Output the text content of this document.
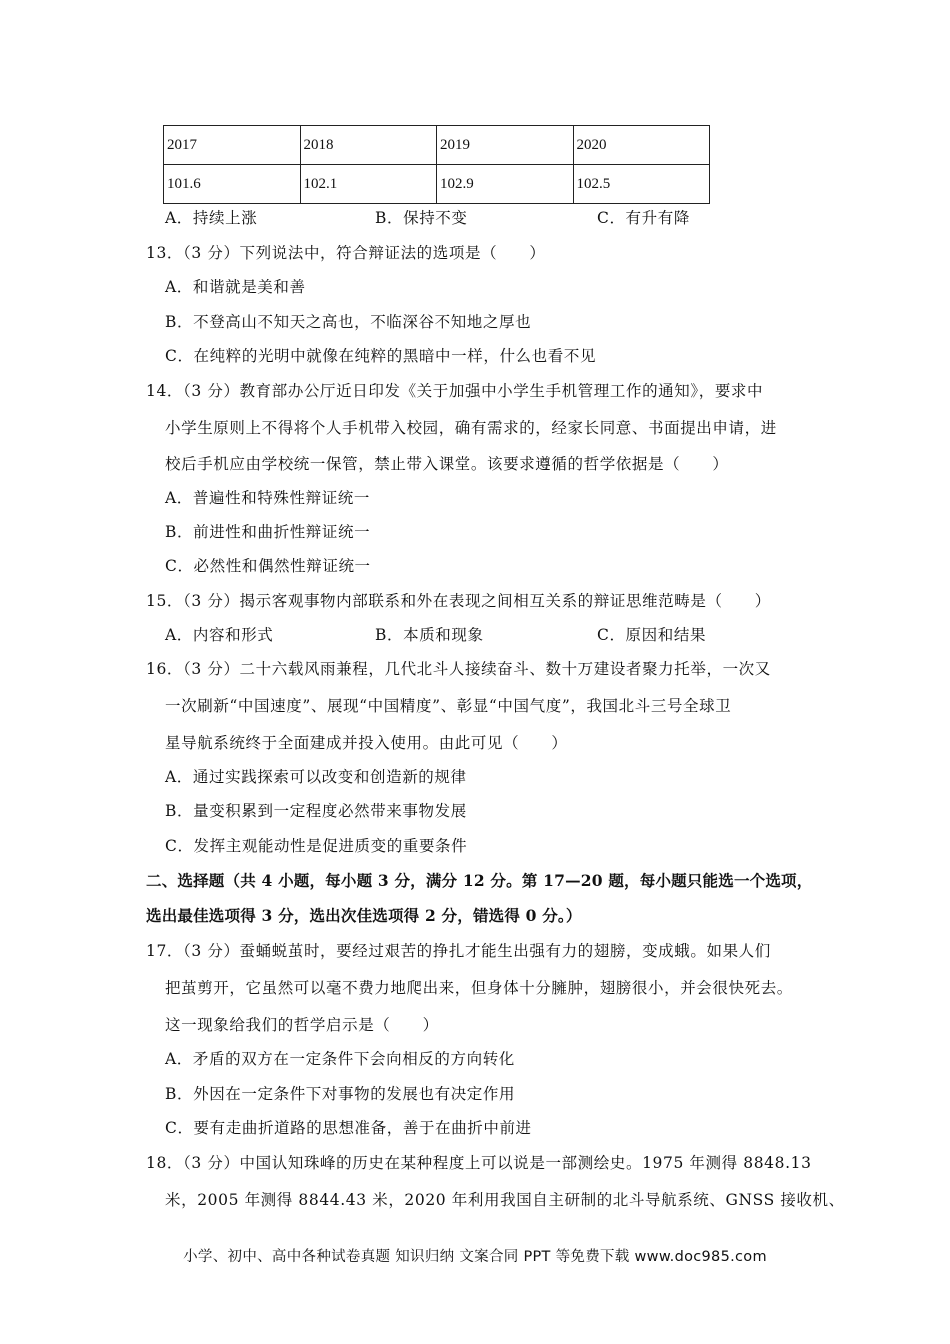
2017	2018	2019	2020
101.6	102.1	102.9	102.5
A．持续上涨	B．保持不变	C．有升有降
13．（3 分）下列说法中，符合辩证法的选项是（　　）
A．和谐就是美和善
B．不登高山不知天之高也，不临深谷不知地之厚也
C．在纯粹的光明中就像在纯粹的黑暗中一样，什么也看不见
14．（3 分）教育部办公厅近日印发《关于加强中小学生手机管理工作的通知》，要求中
小学生原则上不得将个人手机带入校园，确有需求的，经家长同意、书面提出申请，进
校后手机应由学校统一保管，禁止带入课堂。该要求遵循的哲学依据是（　　）
A．普遍性和特殊性辩证统一
B．前进性和曲折性辩证统一
C．必然性和偶然性辩证统一
15．（3 分）揭示客观事物内部联系和外在表现之间相互关系的辩证思维范畴是（　　）
A．内容和形式	B．本质和现象	C．原因和结果
16．（3 分）二十六载风雨兼程，几代北斗人接续奋斗、数十万建设者聚力托举，一次又
一次刷新“中国速度”、展现“中国精度”、彰显“中国气度”，我国北斗三号全球卫
星导航系统终于全面建成并投入使用。由此可见（　　）
A．通过实践探索可以改变和创造新的规律
B．量变积累到一定程度必然带来事物发展
C．发挥主观能动性是促进质变的重要条件
二、选择题（共 4 小题，每小题 3 分，满分 12 分。第 17—20 题，每小题只能选一个选项，
选出最佳选项得 3 分，选出次佳选项得 2 分，错选得 0 分。）
17．（3 分）蚕蛹蜕茧时，要经过艰苦的挣扎才能生出强有力的翅膀，变成蛾。如果人们
把茧剪开，它虽然可以毫不费力地爬出来，但身体十分臃肿，翅膀很小，并会很快死去。
这一现象给我们的哲学启示是（　　）
A．矛盾的双方在一定条件下会向相反的方向转化
B．外因在一定条件下对事物的发展也有决定作用
C．要有走曲折道路的思想准备，善于在曲折中前进
18．（3 分）中国认知珠峰的历史在某种程度上可以说是一部测绘史。1975 年测得 8848.13
米，2005 年测得 8844.43 米，2020 年利用我国自主研制的北斗导航系统、GNSS 接收机、
小学、初中、高中各种试卷真题 知识归纳 文案合同 PPT 等免费下载 www.doc985.com
